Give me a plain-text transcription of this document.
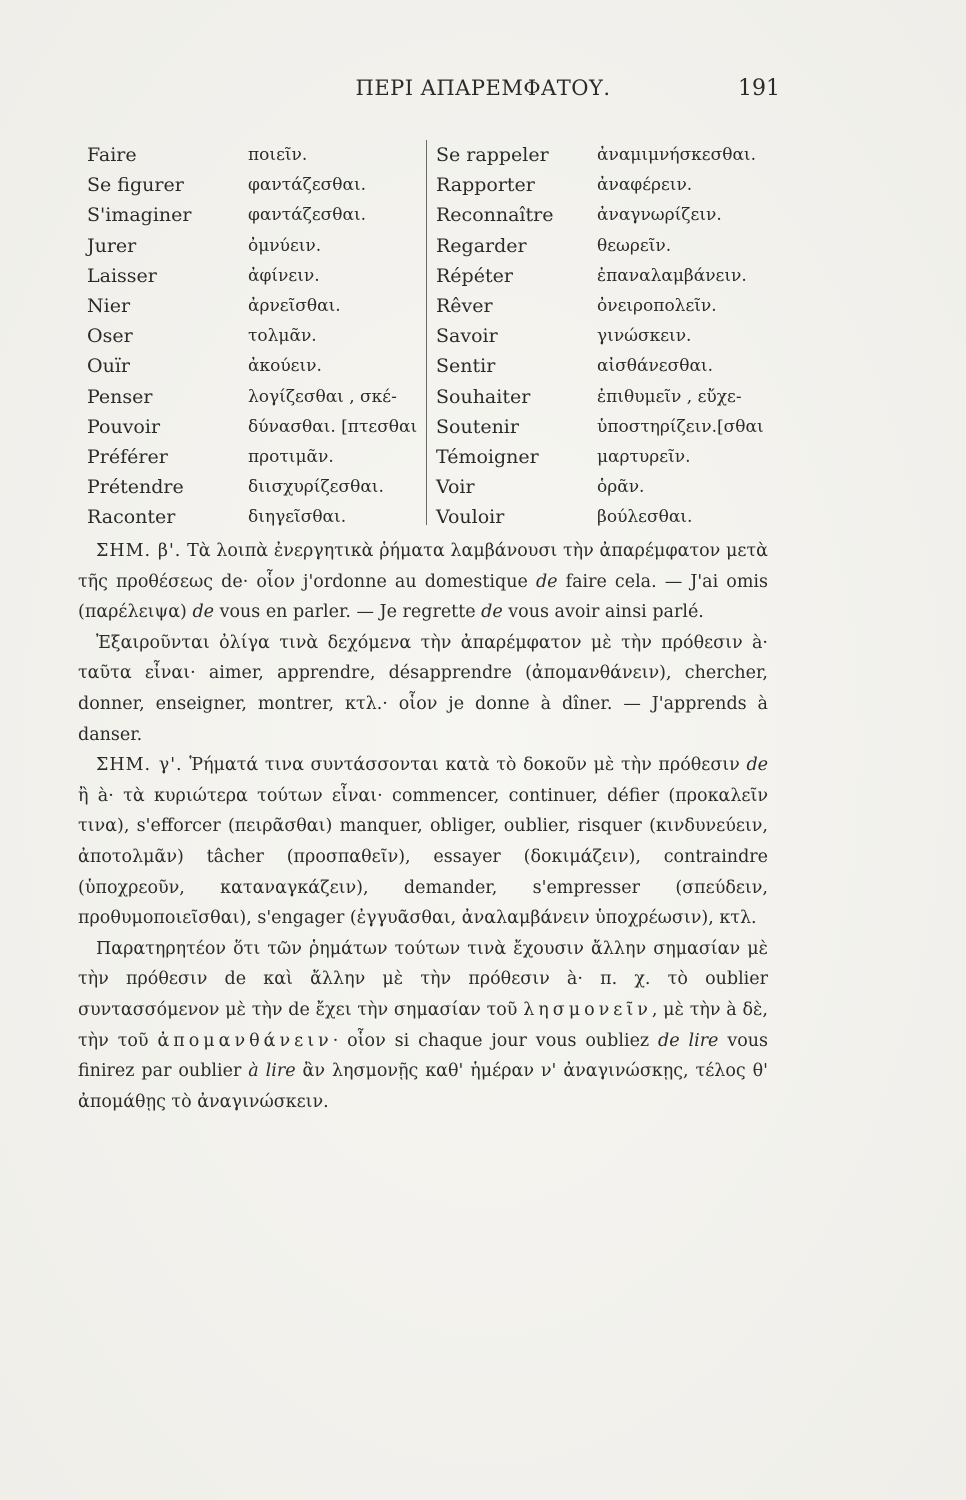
ΠΕΡΙ ΑΠΑΡΕΜΦΑΤΟΥ.	191
Faire
Se figurer
S'imaginer
Jurer
Laisser
Nier
Oser
Ouïr
Penser
Pouvoir
Préférer
Prétendre
Raconter
ποιεῖν.
φαντάζεσθαι.
φαντάζεσθαι.
ὀμνύειν.
ἀφίνειν.
ἀρνεῖσθαι.
τολμᾶν.
ἀκούειν.
λογίζεσθαι , σκέ-
δύνασθαι. [πτεσθαι
προτιμᾶν.
διισχυρίζεσθαι.
διηγεῖσθαι.
Se rappeler
Rapporter
Reconnaître
Regarder
Répéter
Rêver
Savoir
Sentir
Souhaiter
Soutenir
Témoigner
Voir
Vouloir
ἀναμιμνήσκεσθαι.
ἀναφέρειν.
ἀναγνωρίζειν.
θεωρεῖν.
ἐπαναλαμβάνειν.
ὀνειροπολεῖν.
γινώσκειν.
αἰσθάνεσθαι.
ἐπιθυμεῖν , εὔχε-
ὑποστηρίζειν.[σθαι
μαρτυρεῖν.
ὁρᾶν.
βούλεσθαι.

ΣΗΜ. β'. Τὰ λοιπὰ ἐνεργητικὰ ῥήματα λαμβάνουσι τὴν ἀπαρέμφατον μετὰ τῆς προθέσεως de· οἷον j'ordonne au domestique de faire cela. — J'ai omis (παρέλειψα) de vous en parler. — Je regrette de vous avoir ainsi parlé.

Ἐξαιροῦνται ὀλίγα τινὰ δεχόμενα τὴν ἀπαρέμφατον μὲ τὴν πρόθεσιν à· ταῦτα εἶναι· aimer, apprendre, désapprendre (ἀπομανθάνειν), chercher, donner, enseigner, montrer, κτλ.· οἷον je donne à dîner. — J'apprends à danser.

ΣΗΜ. γ'. Ῥήματά τινα συντάσσονται κατὰ τὸ δοκοῦν μὲ τὴν πρόθεσιν de ἢ à· τὰ κυριώτερα τούτων εἶναι· commencer, continuer, défier (προκαλεῖν τινα), s'efforcer (πειρᾶσθαι) manquer, obliger, oublier, risquer (κινδυνεύειν, ἀποτολμᾶν) tâcher (προσπαθεῖν), essayer (δοκιμάζειν), contraindre (ὑποχρεοῦν, καταναγκάζειν), demander, s'empresser (σπεύδειν, προθυμοποιεῖσθαι), s'engager (ἐγγυᾶσθαι, ἀναλαμβάνειν ὑποχρέωσιν), κτλ.

Παρατηρητέον ὅτι τῶν ῥημάτων τούτων τινὰ ἔχουσιν ἄλλην σημασίαν μὲ τὴν πρόθεσιν de καὶ ἄλλην μὲ τὴν πρόθεσιν à· π. χ. τὸ oublier συντασσόμενον μὲ τὴν de ἔχει τὴν σημασίαν τοῦ λησμονεῖν, μὲ τὴν à δὲ, τὴν τοῦ ἀπομανθάνειν· οἷον si chaque jour vous oubliez de lire vous finirez par oublier à lire ἂν λησμονῇς καθ' ἡμέραν ν' ἀναγινώσκῃς, τέλος θ' ἀπομάθῃς τὸ ἀναγινώσκειν.
